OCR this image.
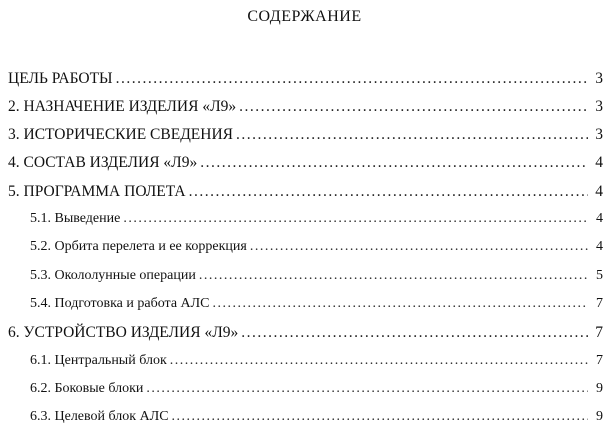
СОДЕРЖАНИЕ
ЦЕЛЬ РАБОТЫ .....	3
2. НАЗНАЧЕНИЕ ИЗДЕЛИЯ «Л9» .....	3
3. ИСТОРИЧЕСКИЕ СВЕДЕНИЯ .....	3
4. СОСТАВ ИЗДЕЛИЯ «Л9» .....	4
5. ПРОГРАММА ПОЛЕТА .....	4
5.1. Выведение .....	4
5.2. Орбита перелета и ее коррекция .....	4
5.3. Окололунные операции .....	5
5.4. Подготовка и работа АЛС .....	7
6. УСТРОЙСТВО ИЗДЕЛИЯ «Л9» .....	7
6.1. Центральный блок .....	7
6.2. Боковые блоки .....	9
6.3. Целевой блок АЛС .....	9
